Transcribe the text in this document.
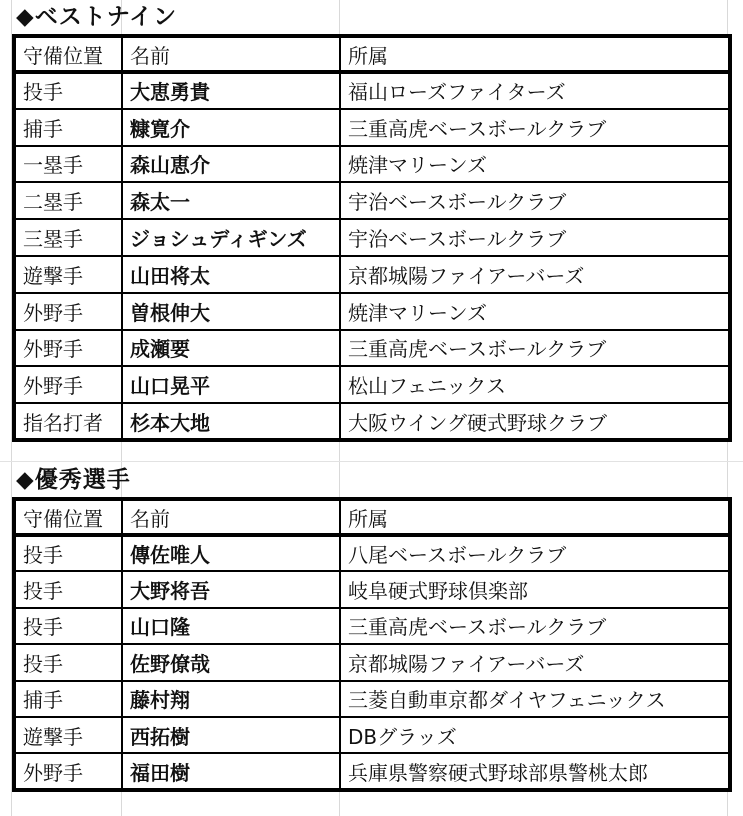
◆ベストナイン
守備位置	名前	所属
投手	大恵勇貴	福山ローズファイターズ
捕手	糠寛介	三重高虎ベースボールクラブ
一塁手	森山恵介	焼津マリーンズ
二塁手	森太一	宇治ベースボールクラブ
三塁手	ジョシュディギンズ	宇治ベースボールクラブ
遊撃手	山田将太	京都城陽ファイアーバーズ
外野手	曽根伸大	焼津マリーンズ
外野手	成瀬要	三重高虎ベースボールクラブ
外野手	山口晃平	松山フェニックス
指名打者	杉本大地	大阪ウイング硬式野球クラブ
◆優秀選手
守備位置	名前	所属
投手	傳佐唯人	八尾ベースボールクラブ
投手	大野将吾	岐阜硬式野球倶楽部
投手	山口隆	三重高虎ベースボールクラブ
投手	佐野僚哉	京都城陽ファイアーバーズ
捕手	藤村翔	三菱自動車京都ダイヤフェニックス
遊撃手	西拓樹	DBグラッズ
外野手	福田樹	兵庫県警察硬式野球部県警桃太郎
